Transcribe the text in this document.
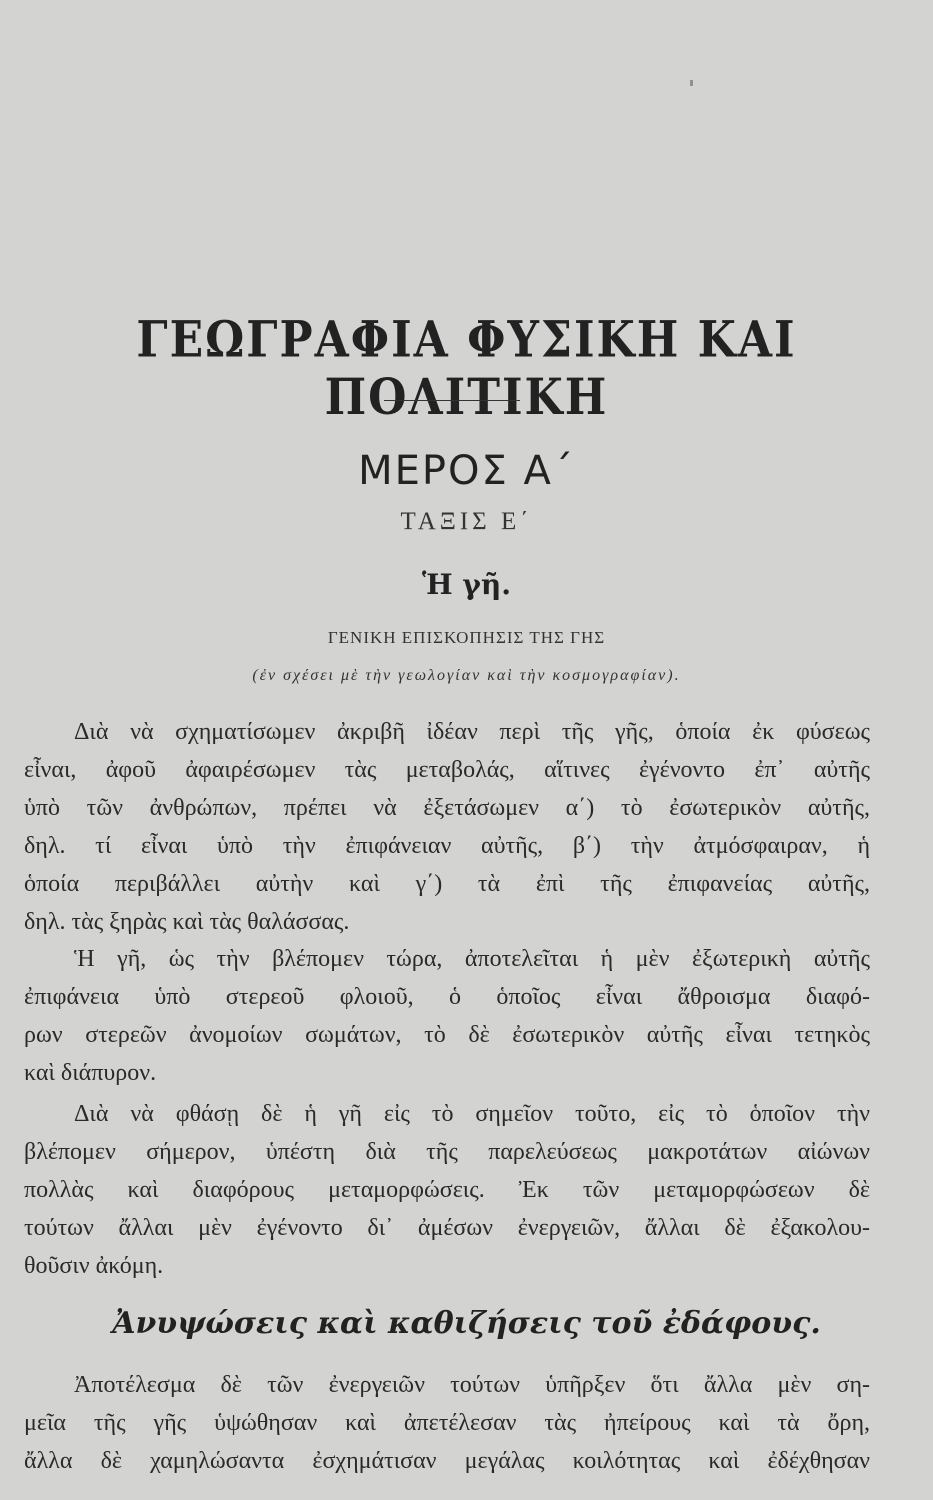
ΓΕΩΓΡΑΦΙΑ ΦΥΣΙΚΗ ΚΑΙ ΠΟΛΙΤΙΚΗ
ΜΕΡΟΣ Α΄
ΤΑΞΙΣ Ε΄
Ἡ γῆ.
ΓΕΝΙΚΗ ΕΠΙΣΚΟΠΗΣΙΣ ΤΗΣ ΓΗΣ
(ἐν σχέσει μὲ τὴν γεωλογίαν καὶ τὴν κοσμογραφίαν).

Διὰ νὰ σχηματίσωμεν ἀκριβῆ ἰδέαν περὶ τῆς γῆς, ὁποία ἐκ φύσεως

εἶναι, ἀφοῦ ἀφαιρέσωμεν τὰς μεταβολάς, αἵτινες ἐγένοντο ἐπ᾿ αὐτῆς

ὑπὸ τῶν ἀνθρώπων, πρέπει νὰ ἐξετάσωμεν α΄) τὸ ἐσωτερικὸν αὐτῆς,

δηλ. τί εἶναι ὑπὸ τὴν ἐπιφάνειαν αὐτῆς, β΄) τὴν ἀτμόσφαιραν, ἡ

ὁποία περιβάλλει αὐτὴν καὶ γ΄) τὰ ἐπὶ τῆς ἐπιφανείας αὐτῆς,

δηλ. τὰς ξηρὰς καὶ τὰς θαλάσσας.

Ἡ γῆ, ὡς τὴν βλέπομεν τώρα, ἀποτελεῖται ἡ μὲν ἐξωτερικὴ αὐτῆς

ἐπιφάνεια ὑπὸ στερεοῦ φλοιοῦ, ὁ ὁποῖος εἶναι ἄθροισμα διαφό-

ρων στερεῶν ἀνομοίων σωμάτων, τὸ δὲ ἐσωτερικὸν αὐτῆς εἶναι τετηκὸς

καὶ διάπυρον.

Διὰ νὰ φθάσῃ δὲ ἡ γῆ εἰς τὸ σημεῖον τοῦτο, εἰς τὸ ὁποῖον τὴν

βλέπομεν σήμερον, ὑπέστη διὰ τῆς παρελεύσεως μακροτάτων αἰώνων

πολλὰς καὶ διαφόρους μεταμορφώσεις. Ἐκ τῶν μεταμορφώσεων δὲ

τούτων ἄλλαι μὲν ἐγένοντο δι᾿ ἀμέσων ἐνεργειῶν, ἄλλαι δὲ ἐξακολου-

θοῦσιν ἀκόμη.

Ἀνυψώσεις καὶ καθιζήσεις τοῦ ἐδάφους.

Ἀποτέλεσμα δὲ τῶν ἐνεργειῶν τούτων ὑπῆρξεν ὅτι ἄλλα μὲν ση-

μεῖα τῆς γῆς ὑψώθησαν καὶ ἀπετέλεσαν τὰς ἠπείρους καὶ τὰ ὄρη,

ἄλλα δὲ χαμηλώσαντα ἐσχημάτισαν μεγάλας κοιλότητας καὶ ἐδέχθησαν
